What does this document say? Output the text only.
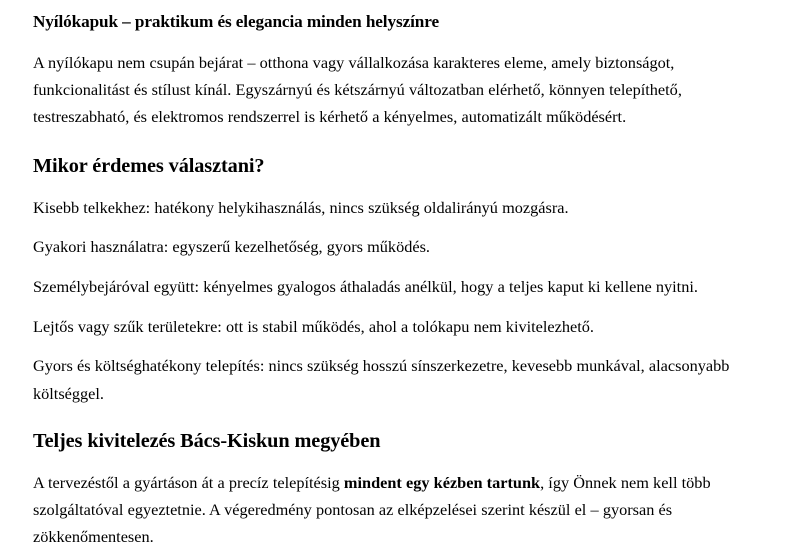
Nyílókapuk – praktikum és elegancia minden helyszínre

A nyílókapu nem csupán bejárat – otthona vagy vállalkozása karakteres eleme, amely biztonságot, funkcionalitást és stílust kínál. Egyszárnyú és kétszárnyú változatban elérhető, könnyen telepíthető, testreszabható, és elektromos rendszerrel is kérhető a kényelmes, automatizált működésért.

Mikor érdemes választani?

Kisebb telkekhez: hatékony helykihasználás, nincs szükség oldalirányú mozgásra.

Gyakori használatra: egyszerű kezelhetőség, gyors működés.

Személybejáróval együtt: kényelmes gyalogos áthaladás anélkül, hogy a teljes kaput ki kellene nyitni.

Lejtős vagy szűk területekre: ott is stabil működés, ahol a tolókapu nem kivitelezhető.

Gyors és költséghatékony telepítés: nincs szükség hosszú sínszerkezetre, kevesebb munkával, alacsonyabb költséggel.

Teljes kivitelezés Bács-Kiskun megyében

A tervezéstől a gyártáson át a precíz telepítésig mindent egy kézben tartunk, így Önnek nem kell több szolgáltatóval egyeztetnie. A végeredmény pontosan az elképzelései szerint készül el – gyorsan és zökkenőmentesen.
